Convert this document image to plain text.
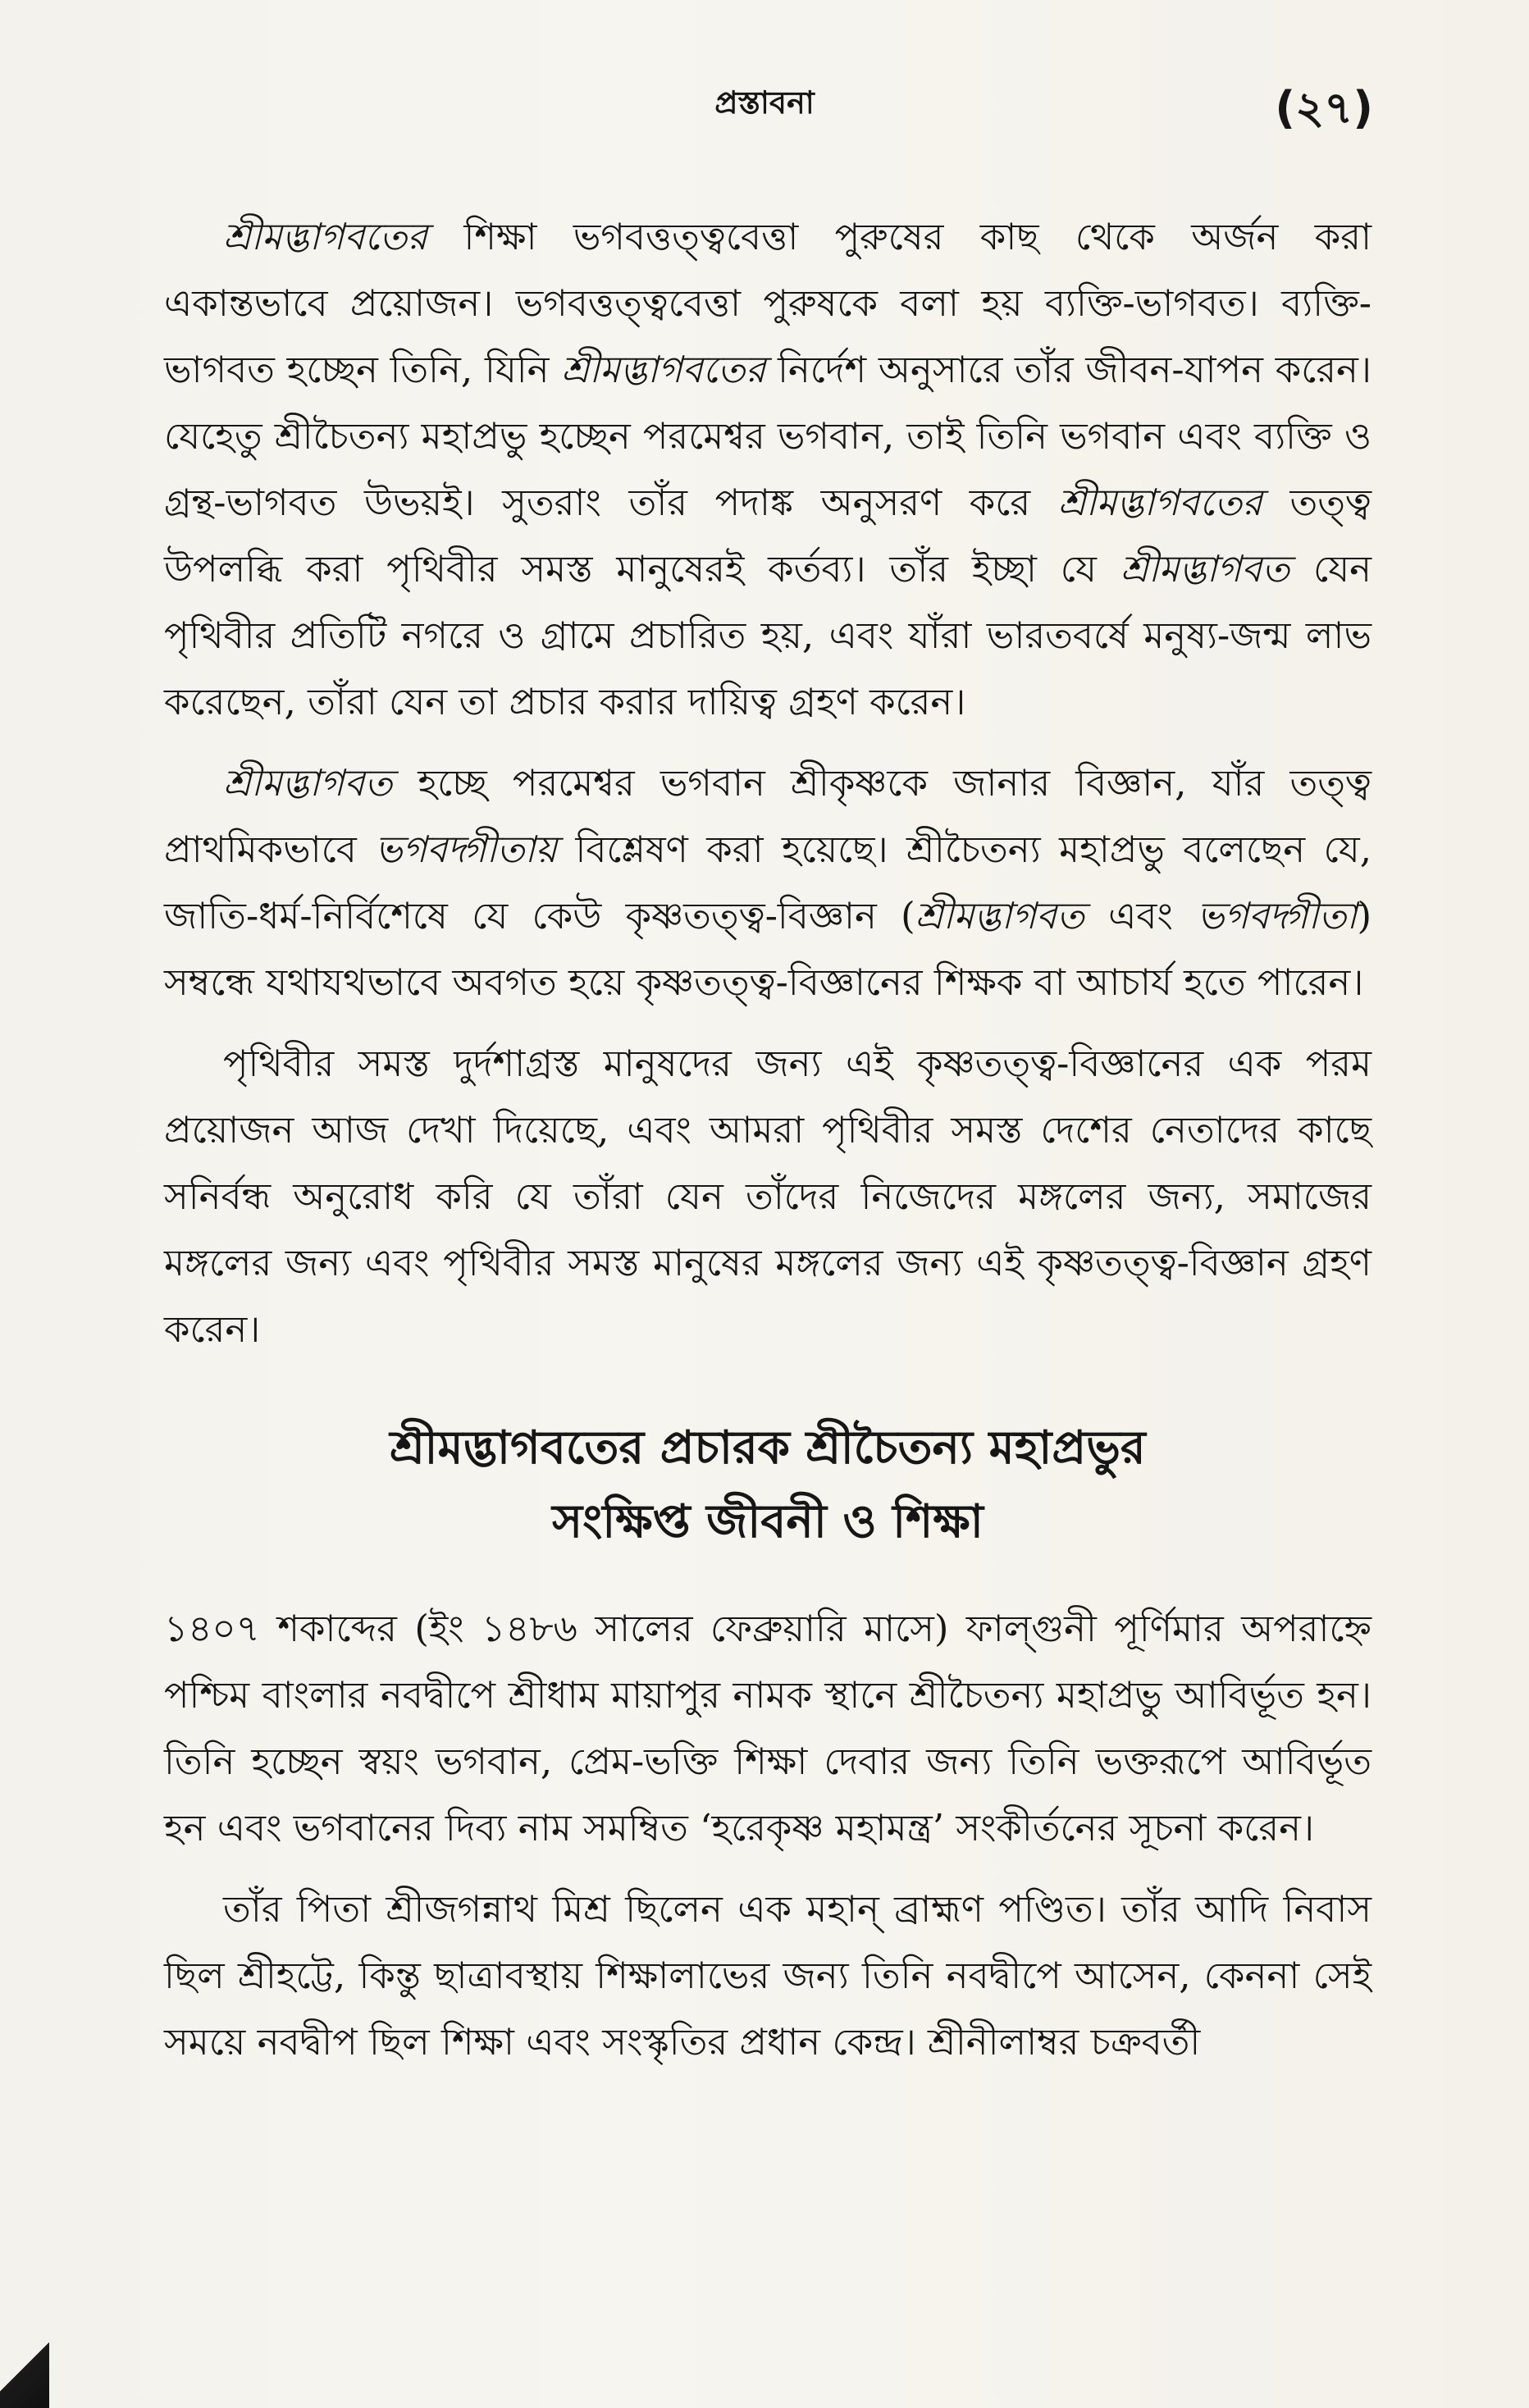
প্রস্তাবনা	(২৭)

শ্রীমদ্ভাগবতের শিক্ষা ভগবত্তত্ত্ববেত্তা পুরুষের কাছ থেকে অর্জন করা একান্তভাবে প্রয়োজন। ভগবত্তত্ত্ববেত্তা পুরুষকে বলা হয় ব্যক্তি-ভাগবত। ব্যক্তি-ভাগবত হচ্ছেন তিনি, যিনি শ্রীমদ্ভাগবতের নির্দেশ অনুসারে তাঁর জীবন-যাপন করেন। যেহেতু শ্রীচৈতন্য মহাপ্রভু হচ্ছেন পরমেশ্বর ভগবান, তাই তিনি ভগবান এবং ব্যক্তি ও গ্রন্থ-ভাগবত উভয়ই। সুতরাং তাঁর পদাঙ্ক অনুসরণ করে শ্রীমদ্ভাগবতের তত্ত্ব উপলব্ধি করা পৃথিবীর সমস্ত মানুষেরই কর্তব্য। তাঁর ইচ্ছা যে শ্রীমদ্ভাগবত যেন পৃথিবীর প্রতিটি নগরে ও গ্রামে প্রচারিত হয়, এবং যাঁরা ভারতবর্ষে মনুষ্য-জন্ম লাভ করেছেন, তাঁরা যেন তা প্রচার করার দায়িত্ব গ্রহণ করেন।

শ্রীমদ্ভাগবত হচ্ছে পরমেশ্বর ভগবান শ্রীকৃষ্ণকে জানার বিজ্ঞান, যাঁর তত্ত্ব প্রাথমিকভাবে ভগবদ্গীতায় বিশ্লেষণ করা হয়েছে। শ্রীচৈতন্য মহাপ্রভু বলেছেন যে, জাতি-ধর্ম-নির্বিশেষে যে কেউ কৃষ্ণতত্ত্ব-বিজ্ঞান (শ্রীমদ্ভাগবত এবং ভগবদ্গীতা) সম্বন্ধে যথাযথভাবে অবগত হয়ে কৃষ্ণতত্ত্ব-বিজ্ঞানের শিক্ষক বা আচার্য হতে পারেন।

পৃথিবীর সমস্ত দুর্দশাগ্রস্ত মানুষদের জন্য এই কৃষ্ণতত্ত্ব-বিজ্ঞানের এক পরম প্রয়োজন আজ দেখা দিয়েছে, এবং আমরা পৃথিবীর সমস্ত দেশের নেতাদের কাছে সনির্বন্ধ অনুরোধ করি যে তাঁরা যেন তাঁদের নিজেদের মঙ্গলের জন্য, সমাজের মঙ্গলের জন্য এবং পৃথিবীর সমস্ত মানুষের মঙ্গলের জন্য এই কৃষ্ণতত্ত্ব-বিজ্ঞান গ্রহণ করেন।

শ্রীমদ্ভাগবতের প্রচারক শ্রীচৈতন্য মহাপ্রভুর
সংক্ষিপ্ত জীবনী ও শিক্ষা

১৪০৭ শকাব্দের (ইং ১৪৮৬ সালের ফেব্রুয়ারি মাসে) ফাল্গুনী পূর্ণিমার অপরাহ্নে পশ্চিম বাংলার নবদ্বীপে শ্রীধাম মায়াপুর নামক স্থানে শ্রীচৈতন্য মহাপ্রভু আবির্ভূত হন। তিনি হচ্ছেন স্বয়ং ভগবান, প্রেম-ভক্তি শিক্ষা দেবার জন্য তিনি ভক্তরূপে আবির্ভূত হন এবং ভগবানের দিব্য নাম সমম্বিত ‘হরেকৃষ্ণ মহামন্ত্র’ সংকীর্তনের সূচনা করেন।

তাঁর পিতা শ্রীজগন্নাথ মিশ্র ছিলেন এক মহান্ ব্রাহ্মণ পণ্ডিত। তাঁর আদি নিবাস ছিল শ্রীহট্টে, কিন্তু ছাত্রাবস্থায় শিক্ষালাভের জন্য তিনি নবদ্বীপে আসেন, কেননা সেই সময়ে নবদ্বীপ ছিল শিক্ষা এবং সংস্কৃতির প্রধান কেন্দ্র। শ্রীনীলাম্বর চক্রবর্তী
